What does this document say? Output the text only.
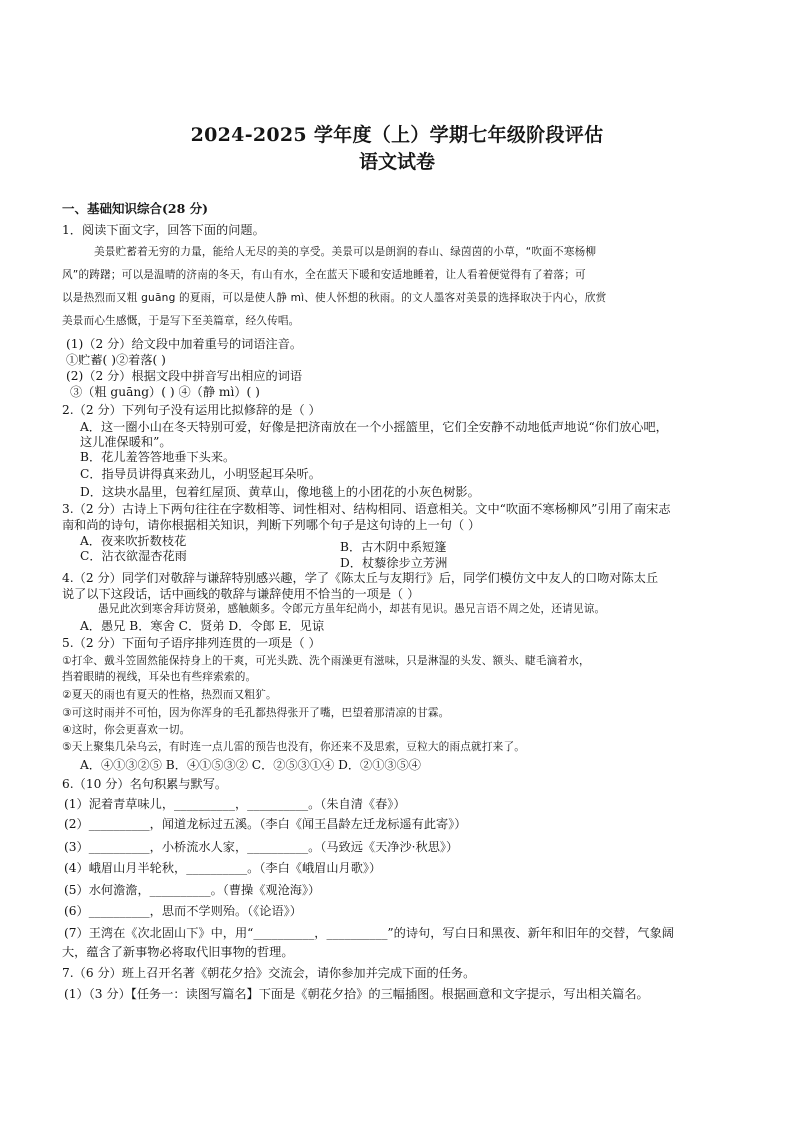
2024-2025 学年度（上）学期七年级阶段评估
语文试卷
一、基础知识综合(28 分)
1．阅读下面文字，回答下面的问题。
美景贮蓄着无穷的力量，能给人无尽的美的享受。美景可以是朗润的春山、绿茵茵的小草，“吹面不寒杨柳
风”的踌躇；可以是温晴的济南的冬天，有山有水，全在蓝天下暖和安适地睡着，让人看着便觉得有了着落；可
以是热烈而又粗 guāng 的夏雨，可以是使人静 mì、使人怀想的秋雨。的文人墨客对美景的选择取决于内心，欣赏
美景而心生感慨，于是写下至美篇章，经久传唱。
(1)（2 分）给文段中加着重号的词语注音。
①贮蓄( )②着落( )
(2)（2 分）根据文段中拼音写出相应的词语
③（粗 guāng）( ) ④（静 mì）( )
2.（2 分）下列句子没有运用比拟修辞的是（ ）
A．这一圈小山在冬天特别可爱，好像是把济南放在一个小摇篮里，它们全安静不动地低声地说“你们放心吧，
这儿准保暖和”。
B．花儿羞答答地垂下头来。
C．指导员讲得真来劲儿，小明竖起耳朵听。
D．这块水晶里，包着红屋顶、黄草山，像地毯上的小团花的小灰色树影。
3.（2 分）古诗上下两句往往在字数相等、词性相对、结构相同、语意相关。文中“吹面不寒杨柳风”引用了南宋志
南和尚的诗句，请你根据相关知识，判断下列哪个句子是这句诗的上一句（ ）
A．夜来吹折数枝花	B．古木阴中系短篷
C．沾衣欲湿杏花雨	D．杖藜徐步立芳洲
4.（2 分）同学们对敬辞与谦辞特别感兴趣，学了《陈太丘与友期行》后，同学们模仿文中友人的口吻对陈太丘
说了以下这段话，话中画线的敬辞与谦辞使用不恰当的一项是（ ）
愚兄此次到寒舍拜访贤弟，感触颇多。令郎元方虽年纪尚小，却甚有见识。愚兄言语不周之处，还请见谅。
A．愚兄 B．寒舍 C．贤弟 D．令郎 E．见谅
5.（2 分）下面句子语序排列连贯的一项是（ ）
①打伞、戴斗笠固然能保持身上的干爽，可光头跣、洗个雨澡更有滋味，只是淋湿的头发、额头、睫毛滴着水，
挡着眼睛的视线，耳朵也有些痒索索的。
②夏天的雨也有夏天的性格，热烈而又粗犷。
③可这时雨并不可怕，因为你浑身的毛孔都热得张开了嘴，巴望着那清凉的甘霖。
④这时，你会更喜欢一切。
⑤天上聚集几朵乌云，有时连一点儿雷的预告也没有，你还来不及思索，豆粒大的雨点就打来了。
A．④①③②⑤ B．④①⑤③② C．②⑤③①④ D．②①③⑤④
6.（10 分）名句积累与默写。
(1）泥着青草味儿，__________，__________。（朱自清《春》）
(2）__________，闻道龙标过五溪。（李白《闻王昌龄左迁龙标遥有此寄》）
(3）__________，小桥流水人家，__________。（马致远《天净沙·秋思》）
(4）峨眉山月半轮秋，__________。（李白《峨眉山月歌》）
(5）水何澹澹，__________。（曹操《观沧海》）
(6）__________，思而不学则殆。（《论语》）
(7）王湾在《次北固山下》中，用“__________，__________”的诗句，写白日和黑夜、新年和旧年的交替，气象阔
大，蕴含了新事物必将取代旧事物的哲理。
7.（6 分）班上召开名著《朝花夕拾》交流会，请你参加并完成下面的任务。
(1）（3 分）【任务一：读图写篇名】下面是《朝花夕拾》的三幅插图。根据画意和文字提示，写出相关篇名。
